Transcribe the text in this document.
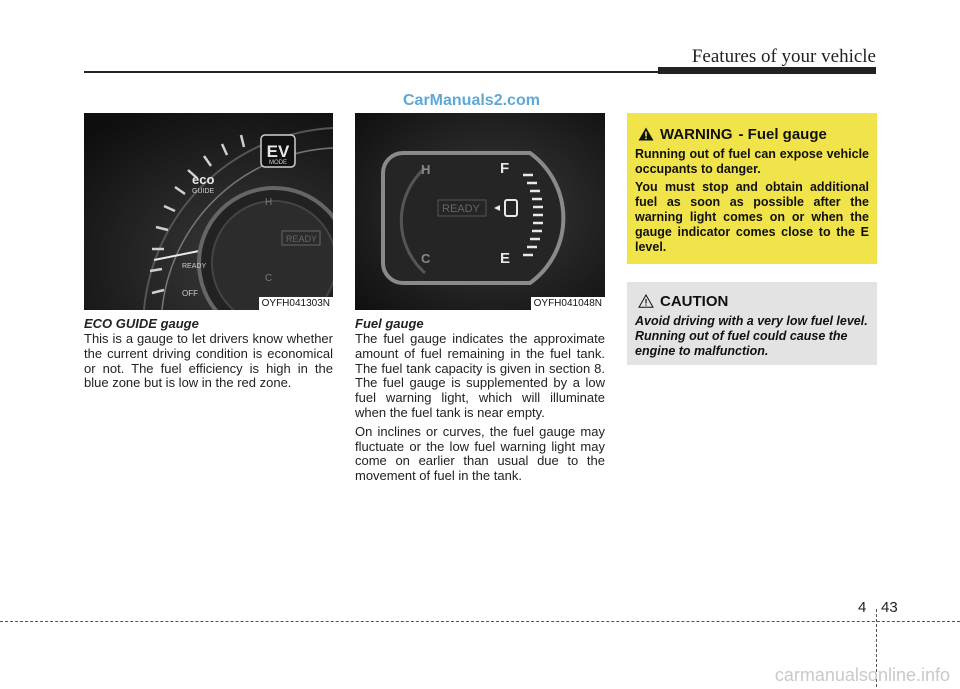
Features of your vehicle
CarManuals2.com
EV
MODE
eco
GUIDE
READY
OFF
H
C
READY
OYFH041303N
H
C
F
E
READY
OYFH041048N
ECO GUIDE gauge

This is a gauge to let drivers know whether the current driving condition is economical or not. The fuel efficiency is high in the blue zone but is low in the red zone.

Fuel gauge

The fuel gauge indicates the approximate amount of fuel remaining in the fuel tank. The fuel tank capacity is given in section 8. The fuel gauge is supplemented by a low fuel warning light, which will illuminate when the fuel tank is near empty.

On inclines or curves, the fuel gauge may fluctuate or the low fuel warning light may come on earlier than usual due to the movement of fuel in the tank.

WARNING - Fuel gauge

Running out of fuel can expose vehicle occupants to danger.

You must stop and obtain additional fuel as soon as possible after the warning light comes on or when the gauge indicator comes close to the E level.

CAUTION
Avoid driving with a very low fuel level. Running out of fuel could cause the engine to malfunction.
4 43
carmanualsonline.info
